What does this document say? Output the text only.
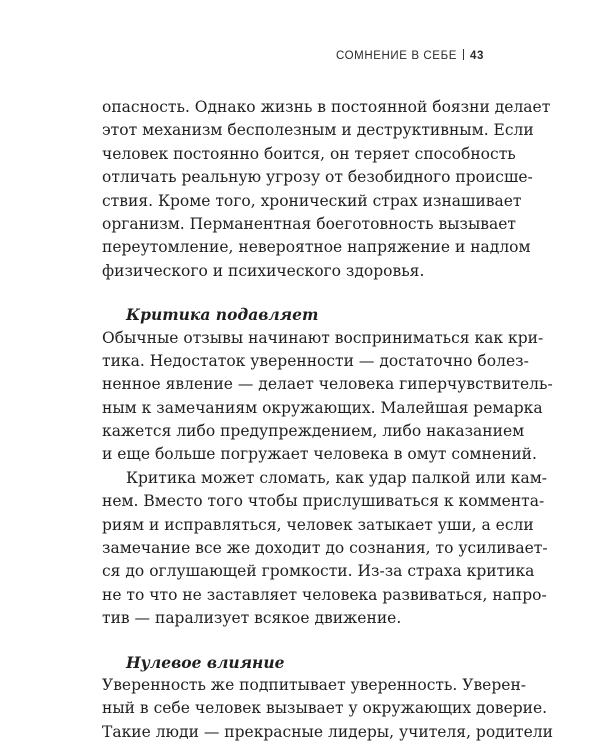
СОМНЕНИЕ В СЕБЕ 43
опасность. Однако жизнь в постоянной боязни делает
этот механизм бесполезным и деструктивным. Если
человек постоянно боится, он теряет способность
отличать реальную угрозу от безобидного происше-
ствия. Кроме того, хронический страх изнашивает
организм. Перманентная боеготовность вызывает
переутомление, невероятное напряжение и надлом
физического и психического здоровья.
Критика подавляет
Обычные отзывы начинают восприниматься как кри-
тика. Недостаток уверенности — достаточно болез-
ненное явление — делает человека гиперчувствитель-
ным к замечаниям окружающих. Малейшая ремарка
кажется либо предупреждением, либо наказанием
и еще больше погружает человека в омут сомнений.
Критика может сломать, как удар палкой или кам-
нем. Вместо того чтобы прислушиваться к коммента-
риям и исправляться, человек затыкает уши, а если
замечание все же доходит до сознания, то усиливает-
ся до оглушающей громкости. Из-за страха критика
не то что не заставляет человека развиваться, напро-
тив — парализует всякое движение.
Нулевое влияние
Уверенность же подпитывает уверенность. Уверен-
ный в себе человек вызывает у окружающих доверие.
Такие люди — прекрасные лидеры, учителя, родители
